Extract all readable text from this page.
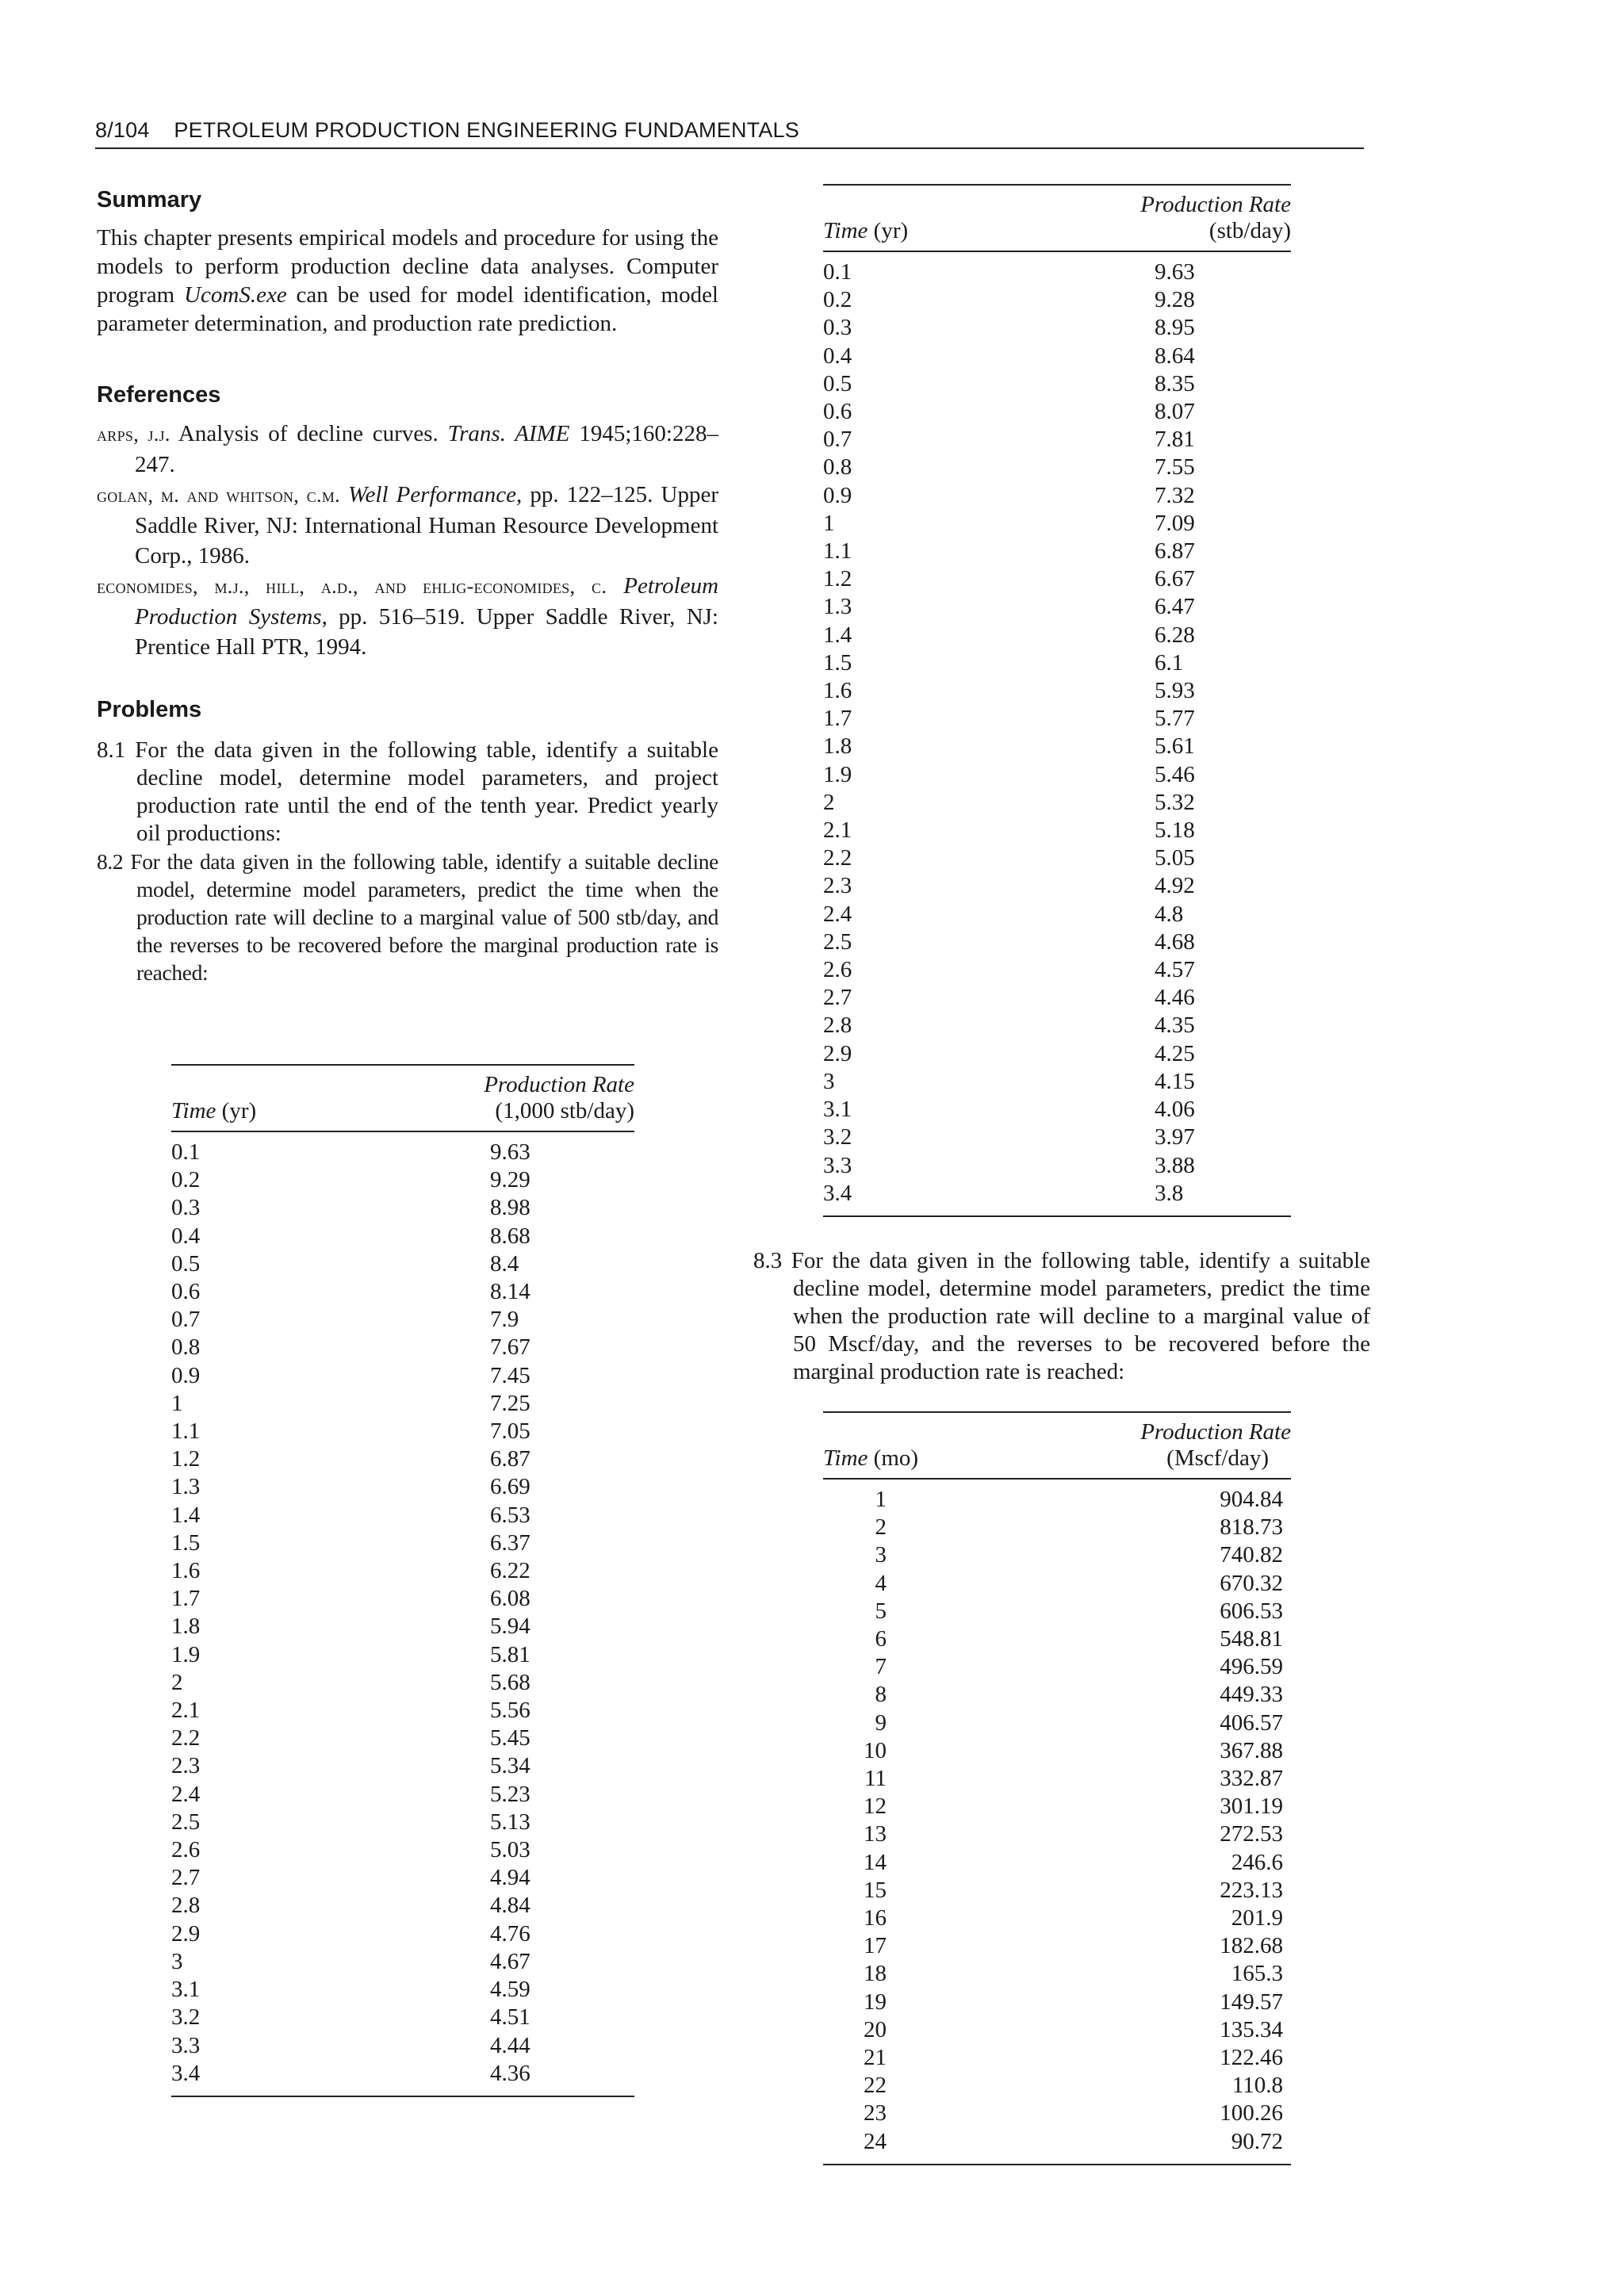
8/104 PETROLEUM PRODUCTION ENGINEERING FUNDAMENTALS
Summary

This chapter presents empirical models and procedure for using the models to perform production decline data analyses. Computer program UcomS.exe can be used for model identification, model parameter determination, and production rate prediction.

References

arps, j.j. Analysis of decline curves. Trans. AIME 1945;160:228–247.

golan, m. and whitson, c.m. Well Performance, pp. 122–125. Upper Saddle River, NJ: International Human Resource Development Corp., 1986.

economides, m.j., hill, a.d., and ehlig-economides, c. Petroleum Production Systems, pp. 516–519. Upper Saddle River, NJ: Prentice Hall PTR, 1994.

Problems

8.1 For the data given in the following table, identify a suitable decline model, determine model parameters, and project production rate until the end of the tenth year. Predict yearly oil productions:

8.2 For the data given in the following table, identify a suitable decline model, determine model parameters, predict the time when the production rate will decline to a marginal value of 500 stb/day, and the reverses to be recovered before the marginal production rate is reached:

Time (yr)	Production Rate
(1,000 stb/day)
0.1	9.63
0.2	9.29
0.3	8.98
0.4	8.68
0.5	8.4
0.6	8.14
0.7	7.9
0.8	7.67
0.9	7.45
1	7.25
1.1	7.05
1.2	6.87
1.3	6.69
1.4	6.53
1.5	6.37
1.6	6.22
1.7	6.08
1.8	5.94
1.9	5.81
2	5.68
2.1	5.56
2.2	5.45
2.3	5.34
2.4	5.23
2.5	5.13
2.6	5.03
2.7	4.94
2.8	4.84
2.9	4.76
3	4.67
3.1	4.59
3.2	4.51
3.3	4.44
3.4	4.36
Time (yr)	Production Rate (stb/day)
0.1	9.63
0.2	9.28
0.3	8.95
0.4	8.64
0.5	8.35
0.6	8.07
0.7	7.81
0.8	7.55
0.9	7.32
1	7.09
1.1	6.87
1.2	6.67
1.3	6.47
1.4	6.28
1.5	6.1
1.6	5.93
1.7	5.77
1.8	5.61
1.9	5.46
2	5.32
2.1	5.18
2.2	5.05
2.3	4.92
2.4	4.8
2.5	4.68
2.6	4.57
2.7	4.46
2.8	4.35
2.9	4.25
3	4.15
3.1	4.06
3.2	3.97
3.3	3.88
3.4	3.8

8.3 For the data given in the following table, identify a suitable decline model, determine model parameters, predict the time when the production rate will decline to a marginal value of 50 Mscf/day, and the reverses to be recovered before the marginal production rate is reached:

Time (mo)	Production Rate
(Mscf/day)
1	904.84
2	818.73
3	740.82
4	670.32
5	606.53
6	548.81
7	496.59
8	449.33
9	406.57
10	367.88
11	332.87
12	301.19
13	272.53
14	246.6
15	223.13
16	201.9
17	182.68
18	165.3
19	149.57
20	135.34
21	122.46
22	110.8
23	100.26
24	90.72
